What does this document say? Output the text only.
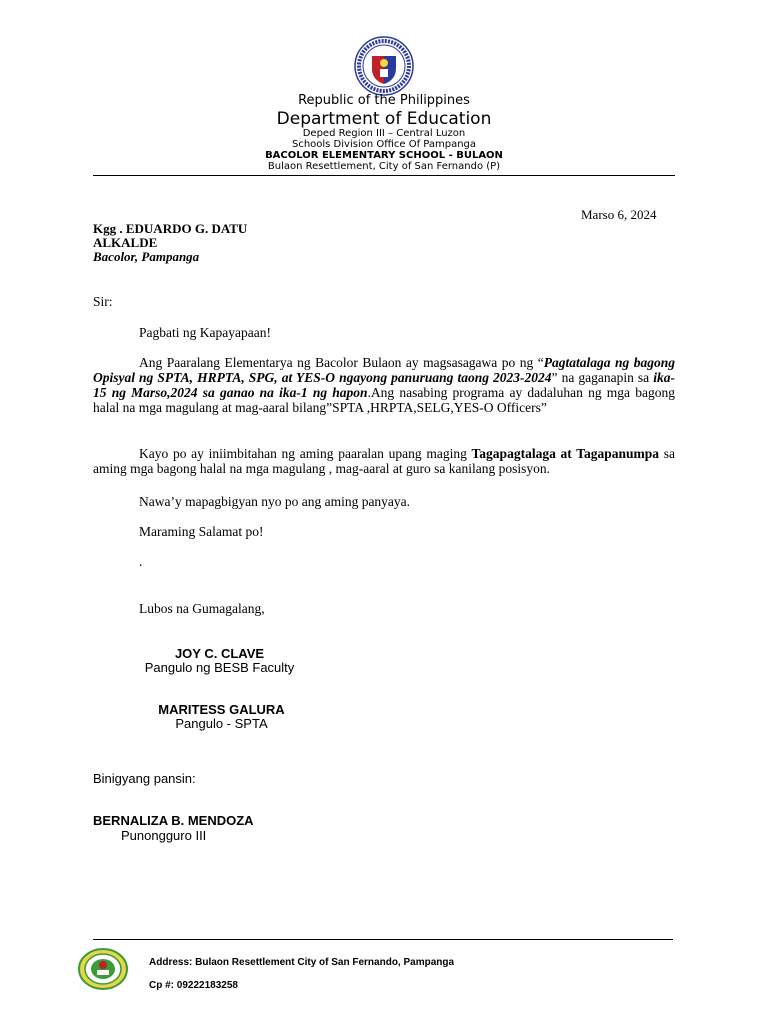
Republic of the Philippines
Department of Education
Deped Region III – Central Luzon
Schools Division Office Of Pampanga
BACOLOR ELEMENTARY SCHOOL - BULAON
Bulaon Resettlement, City of San Fernando (P)
Marso 6, 2024
Kgg . EDUARDO G. DATU
ALKALDE
Bacolor, Pampanga
Sir:
Pagbati ng Kapayapaan!
Ang Paaralang Elementarya ng Bacolor Bulaon ay magsasagawa po ng “Pagtatalaga ng bagong Opisyal ng SPTA, HRPTA, SPG, at YES-O ngayong panuruang taong 2023-2024” na gaganapin sa ika-15 ng Marso,2024 sa ganao na ika-1 ng hapon.Ang nasabing programa ay dadaluhan ng mga bagong halal na mga magulang at mag-aaral bilang”SPTA ,HRPTA,SELG,YES-O Officers”
Kayo po ay iniimbitahan ng aming paaralan upang maging Tagapagtalaga at Tagapanumpa sa aming mga bagong halal na mga magulang , mag-aaral at guro sa kanilang posisyon.
Nawa’y mapagbigyan nyo po ang aming panyaya.
Maraming Salamat po!
.
Lubos na Gumagalang,
JOY C. CLAVE
Pangulo ng BESB Faculty
MARITESS GALURA
Pangulo - SPTA
Binigyang pansin:
BERNALIZA B. MENDOZA
Punongguro III
Address: Bulaon Resettlement City of San Fernando, Pampanga
Cp #: 09222183258
